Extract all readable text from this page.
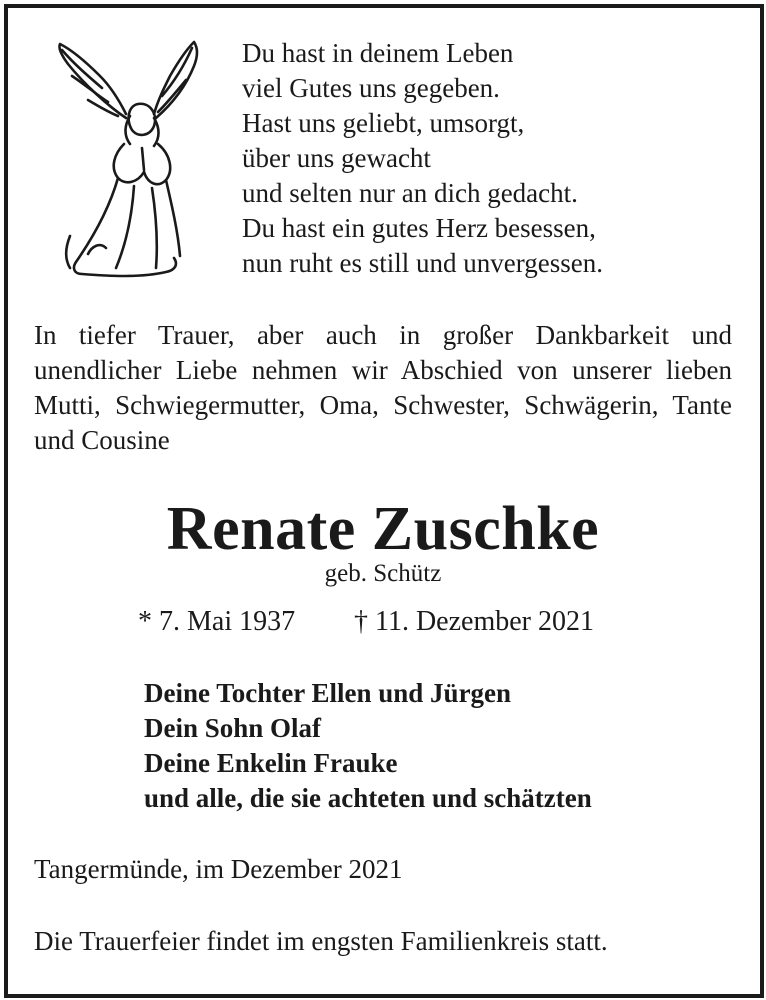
Du hast in deinem Leben
viel Gutes uns gegeben.
Hast uns geliebt, umsorgt,
über uns gewacht
und selten nur an dich gedacht.
Du hast ein gutes Herz besessen,
nun ruht es still und unvergessen.
In tiefer Trauer, aber auch in großer Dankbarkeit und unendlicher Liebe nehmen wir Abschied von unserer lieben Mutti, Schwiegermutter, Oma, Schwester, Schwägerin, Tante und Cousine
Renate Zuschke
geb. Schütz
* 7. Mai 1937 † 11. Dezember 2021
Deine Tochter Ellen und Jürgen
Dein Sohn Olaf
Deine Enkelin Frauke
und alle, die sie achteten und schätzten
Tangermünde, im Dezember 2021
Die Trauerfeier findet im engsten Familienkreis statt.
